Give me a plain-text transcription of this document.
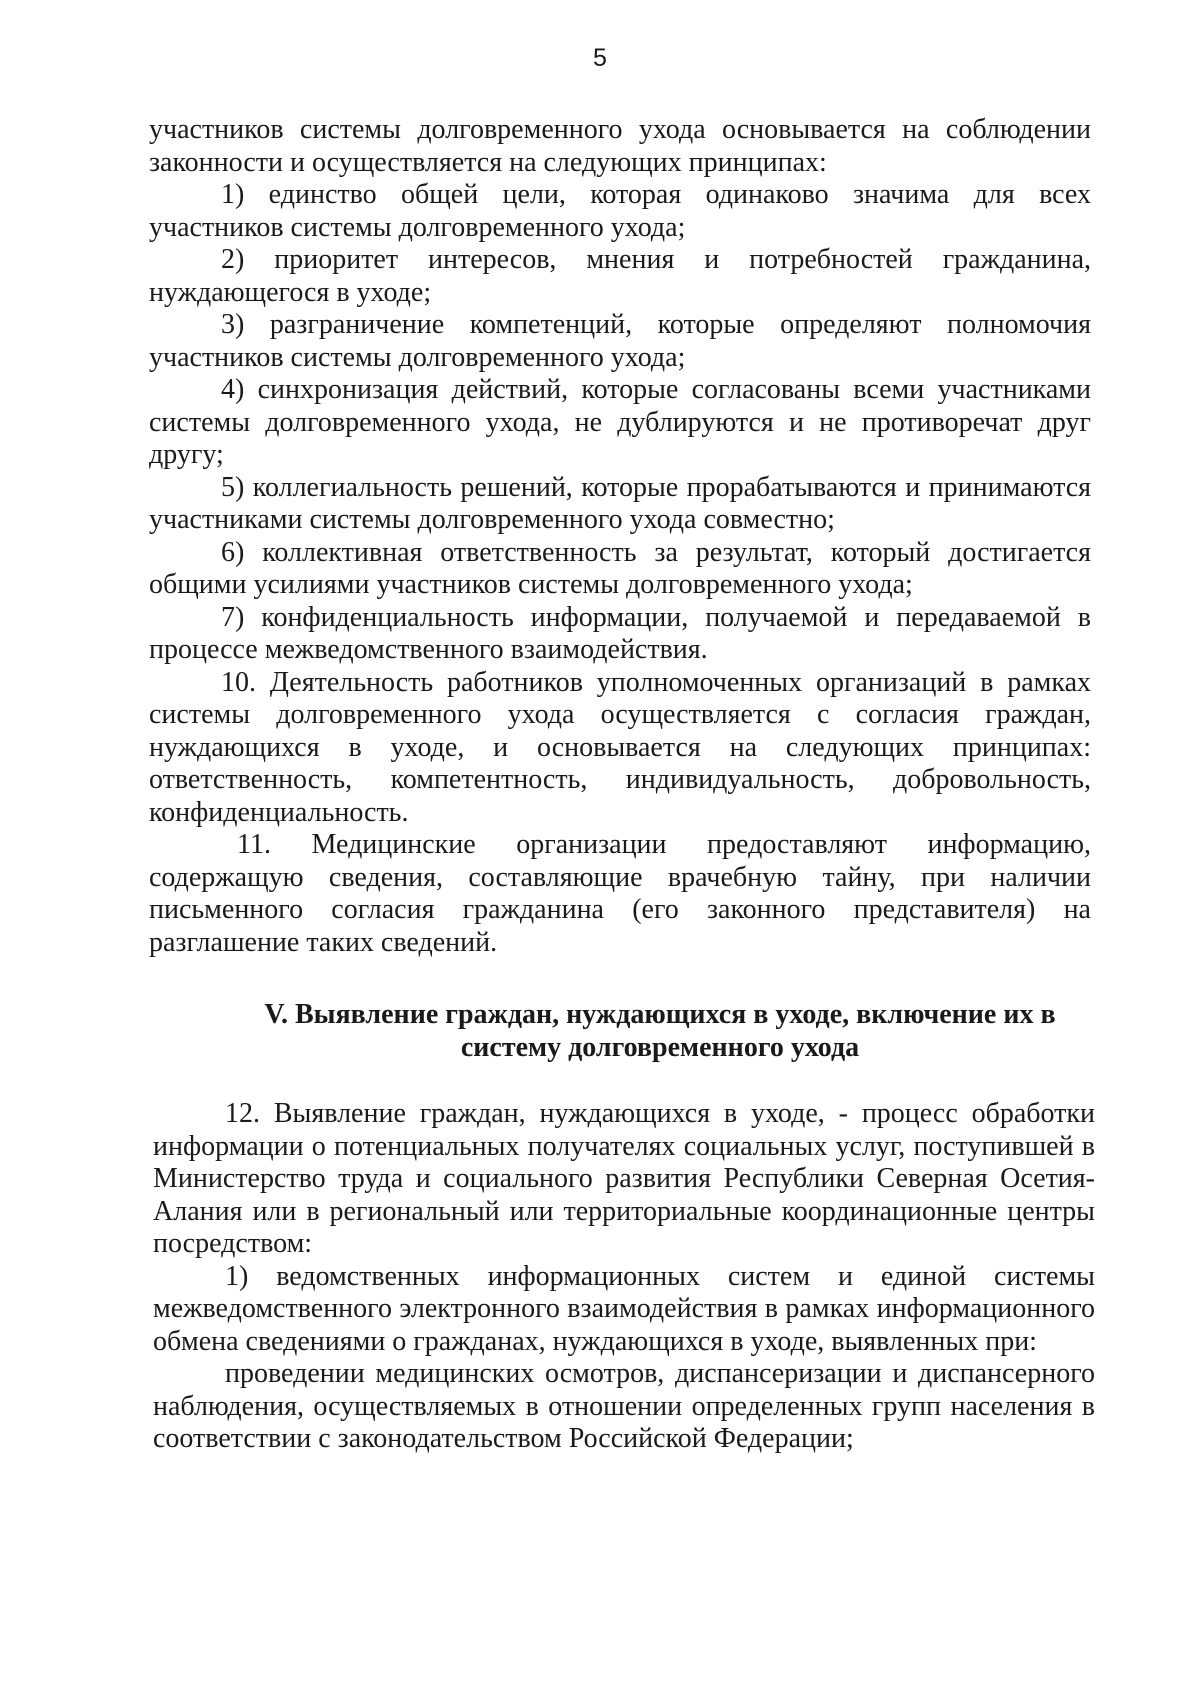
5

участников системы долговременного ухода основывается на соблюдении законности и осуществляется на следующих принципах:

1) единство общей цели, которая одинаково значима для всех участников системы долговременного ухода;

2) приоритет интересов, мнения и потребностей гражданина, нуждающегося в уходе;

3) разграничение компетенций, которые определяют полномочия участников системы долговременного ухода;

4) синхронизация действий, которые согласованы всеми участниками системы долговременного ухода, не дублируются и не противоречат друг другу;

5) коллегиальность решений, которые прорабатываются и принимаются участниками системы долговременного ухода совместно;

6) коллективная ответственность за результат, который достигается общими усилиями участников системы долговременного ухода;

7) конфиденциальность информации, получаемой и передаваемой в процессе межведомственного взаимодействия.

10. Деятельность работников уполномоченных организаций в рамках системы долговременного ухода осуществляется с согласия граждан, нуждающихся в уходе, и основывается на следующих принципах: ответственность, компетентность, индивидуальность, добровольность, конфиденциальность.

11. Медицинские организации предоставляют информацию, содержащую сведения, составляющие врачебную тайну, при наличии письменного согласия гражданина (его законного представителя) на разглашение таких сведений.

V. Выявление граждан, нуждающихся в уходе, включение их в
систему долговременного ухода

12. Выявление граждан, нуждающихся в уходе, - процесс обработки информации о потенциальных получателях социальных услуг, поступившей в Министерство труда и социального развития Республики Северная Осетия-Алания или в региональный или территориальные координационные центры посредством:

1) ведомственных информационных систем и единой системы межведомственного электронного взаимодействия в рамках информационного обмена сведениями о гражданах, нуждающихся в уходе, выявленных при:

проведении медицинских осмотров, диспансеризации и диспансерного наблюдения, осуществляемых в отношении определенных групп населения в соответствии с законодательством Российской Федерации;
